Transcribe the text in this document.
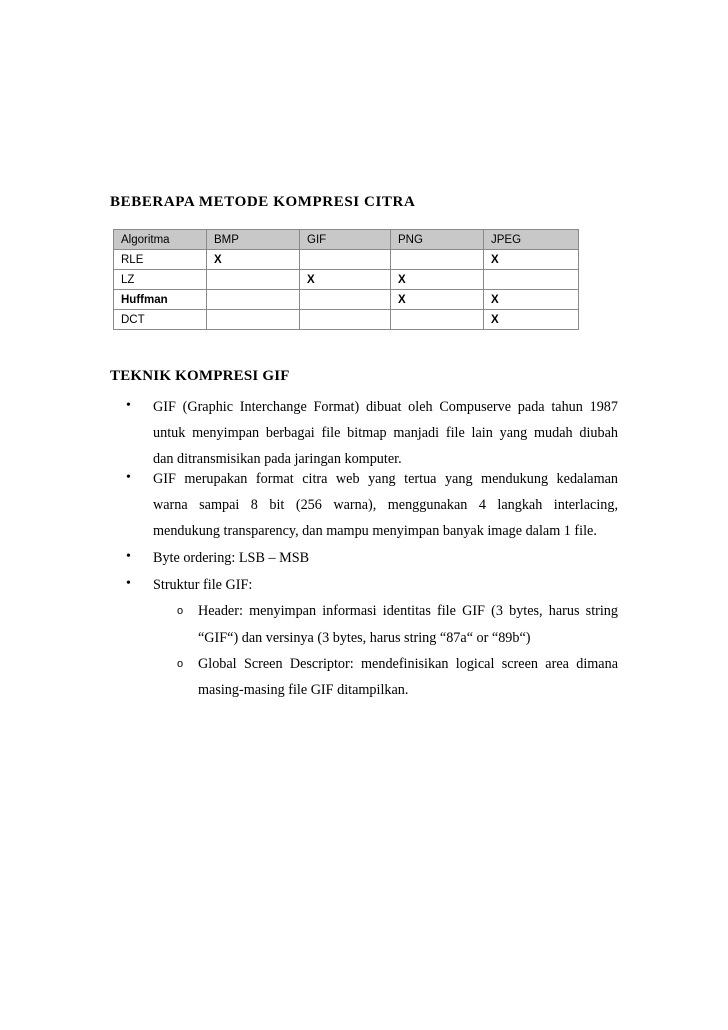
BEBERAPA METODE KOMPRESI CITRA
Algoritma	BMP	GIF	PNG	JPEG
RLE	X			X
LZ		X	X	
Huffman			X	X
DCT				X
TEKNIK KOMPRESI GIF
• GIF (Graphic Interchange Format) dibuat oleh Compuserve pada tahun 1987
untuk menyimpan berbagai file bitmap manjadi file lain yang mudah diubah
dan ditransmisikan pada jaringan komputer.
• GIF merupakan format citra web yang tertua yang mendukung kedalaman
warna sampai 8 bit (256 warna), menggunakan 4 langkah interlacing,
mendukung transparency, dan mampu menyimpan banyak image dalam 1 file.
• Byte ordering: LSB – MSB
• Struktur file GIF:
o Header: menyimpan informasi identitas file GIF (3 bytes, harus string
“GIF“) dan versinya (3 bytes, harus string “87a“ or “89b“)
o Global Screen Descriptor: mendefinisikan logical screen area dimana
masing-masing file GIF ditampilkan.
